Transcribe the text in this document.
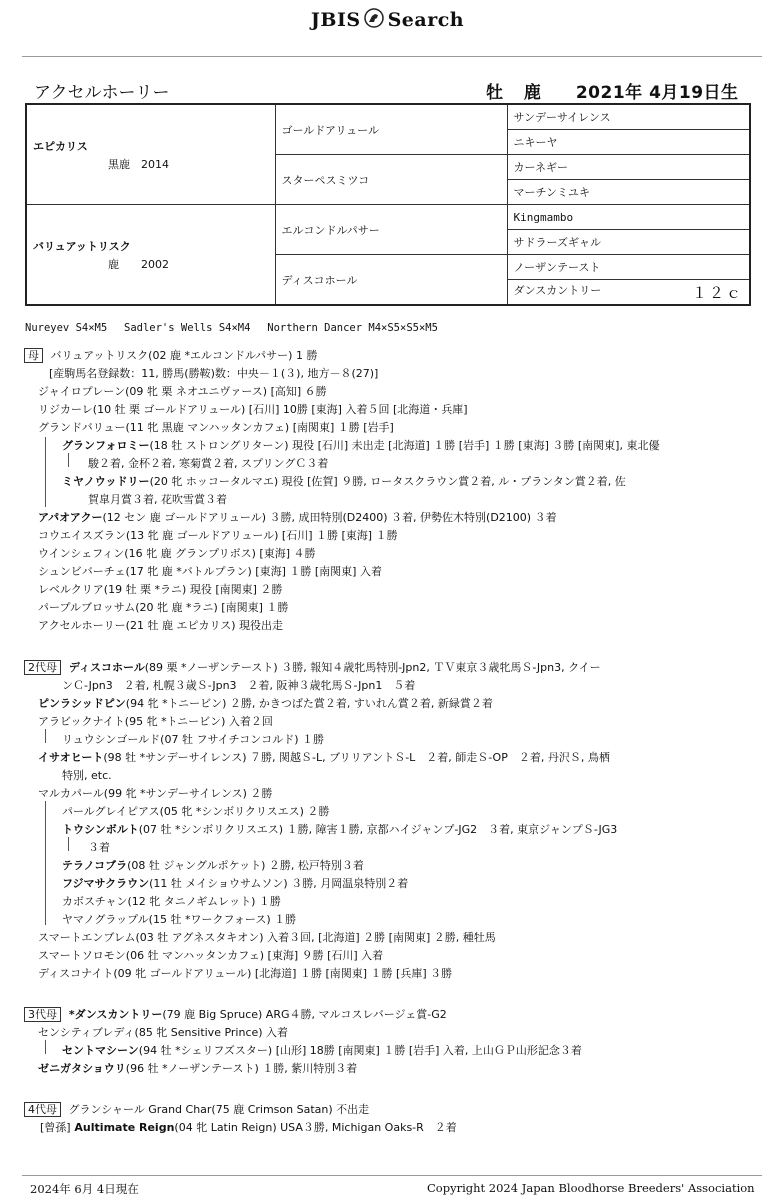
JBIS Search
アクセルホーリー	牡 鹿 2021年 4月19日生
エピカリス
黒鹿　2014	ゴールドアリュール	サンデーサイレンス
		ニキーヤ
	スターペスミツコ	カーネギー
		マーチンミユキ
バリュアットリスク
鹿　　2002	エルコンドルパサー	Kingmambo
		サドラーズギャル
	ディスコホール	ノーザンテースト
		ダンスカントリー １２ｃ
Nureyev S4×M5　 Sadler's Wells S4×M4　 Northern Dancer M4×S5×S5×M5
母 バリュアットリスク(02 鹿 *エルコンドルパサー) 1 勝
[産駒馬名登録数：11, 勝馬(勝鞍)数：中央－１(３), 地方－８(27)]
ジャイロプレーン(09 牝 栗 ネオユニヴァース) [高知] ６勝
リジカーレ(10 牡 栗 ゴールドアリュール) [石川] 10勝 [東海] 入着５回 [北海道・兵庫]
グランドバリュー(11 牝 黒鹿 マンハッタンカフェ) [南関東] １勝 [岩手]
グランフォロミー(18 牡 ストロングリターン) 現役 [石川] 未出走 [北海道] １勝 [岩手] １勝 [東海] ３勝 [南関東], 東北優
駿２着, 金杯２着, 寒菊賞２着, スプリングＣ３着
ミヤノウッドリー(20 牝 ホッコータルマエ) 現役 [佐賀] ９勝, ロータスクラウン賞２着, ル・プランタン賞２着, 佐
賀皐月賞３着, 花吹雪賞３着
アパオアクー(12 セン 鹿 ゴールドアリュール) ３勝, 成田特別(D2400) ３着, 伊勢佐木特別(D2100) ３着
コウエイスズラン(13 牝 鹿 ゴールドアリュール) [石川] １勝 [東海] １勝
ウインシェフィン(16 牝 鹿 グランプリボス) [東海] ４勝
シュンビバーチェ(17 牝 鹿 *バトルプラン) [東海] １勝 [南関東] 入着
レベルクリア(19 牡 栗 *ラニ) 現役 [南関東] ２勝
パープルブロッサム(20 牝 鹿 *ラニ) [南関東] １勝
アクセルホーリー(21 牡 鹿 エピカリス) 現役出走
2代母 ディスコホール(89 栗 *ノーザンテースト) ３勝, 報知４歳牝馬特別-Jpn2, ＴＶ東京３歳牝馬Ｓ-Jpn3, クイー
ンＣ-Jpn3　２着, 札幌３歳Ｓ-Jpn3　２着, 阪神３歳牝馬Ｓ-Jpn1　５着
ピンラシッドピン(94 牝 *トニービン) ２勝, かきつばた賞２着, すいれん賞２着, 新緑賞２着
アラビックナイト(95 牝 *トニービン) 入着２回
リュウシンゴールド(07 牡 フサイチコンコルド) １勝
イサオヒート(98 牡 *サンデーサイレンス) ７勝, 関越Ｓ-L, ブリリアントＳ-L　２着, 師走Ｓ-OP　２着, 丹沢Ｓ, 鳥栖
特別, etc.
マルカパール(99 牝 *サンデーサイレンス) ２勝
パールグレイピアス(05 牝 *シンボリクリスエス) ２勝
トウシンボルト(07 牡 *シンボリクリスエス) １勝, 障害１勝, 京都ハイジャンプ-JG2　３着, 東京ジャンプＳ-JG3
３着
テラノコブラ(08 牡 ジャングルポケット) ２勝, 松戸特別３着
フジマサクラウン(11 牡 メイショウサムソン) ３勝, 月岡温泉特別２着
カボスチャン(12 牝 タニノギムレット) １勝
ヤマノグラップル(15 牡 *ワークフォース) １勝
スマートエンブレム(03 牡 アグネスタキオン) 入着３回, [北海道] ２勝 [南関東] ２勝, 種牡馬
スマートソロモン(06 牡 マンハッタンカフェ) [東海] ９勝 [石川] 入着
ディスコナイト(09 牝 ゴールドアリュール) [北海道] １勝 [南関東] １勝 [兵庫] ３勝
3代母 *ダンスカントリー(79 鹿 Big Spruce) ARG４勝, マルコスレバージェ賞-G2
センシティブレディ(85 牝 Sensitive Prince) 入着
セントマシーン(94 牡 *シェリフズスター) [山形] 18勝 [南関東] １勝 [岩手] 入着, 上山ＧＰ山形記念３着
ゼニガタショウリ(96 牡 *ノーザンテースト) １勝, 紫川特別３着
4代母 グランシャール Grand Char(75 鹿 Crimson Satan) 不出走
[曾孫] Aultimate Reign(04 牝 Latin Reign) USA３勝, Michigan Oaks-R　２着
2024年 6月 4日現在	Copyright 2024 Japan Bloodhorse Breeders' Association
